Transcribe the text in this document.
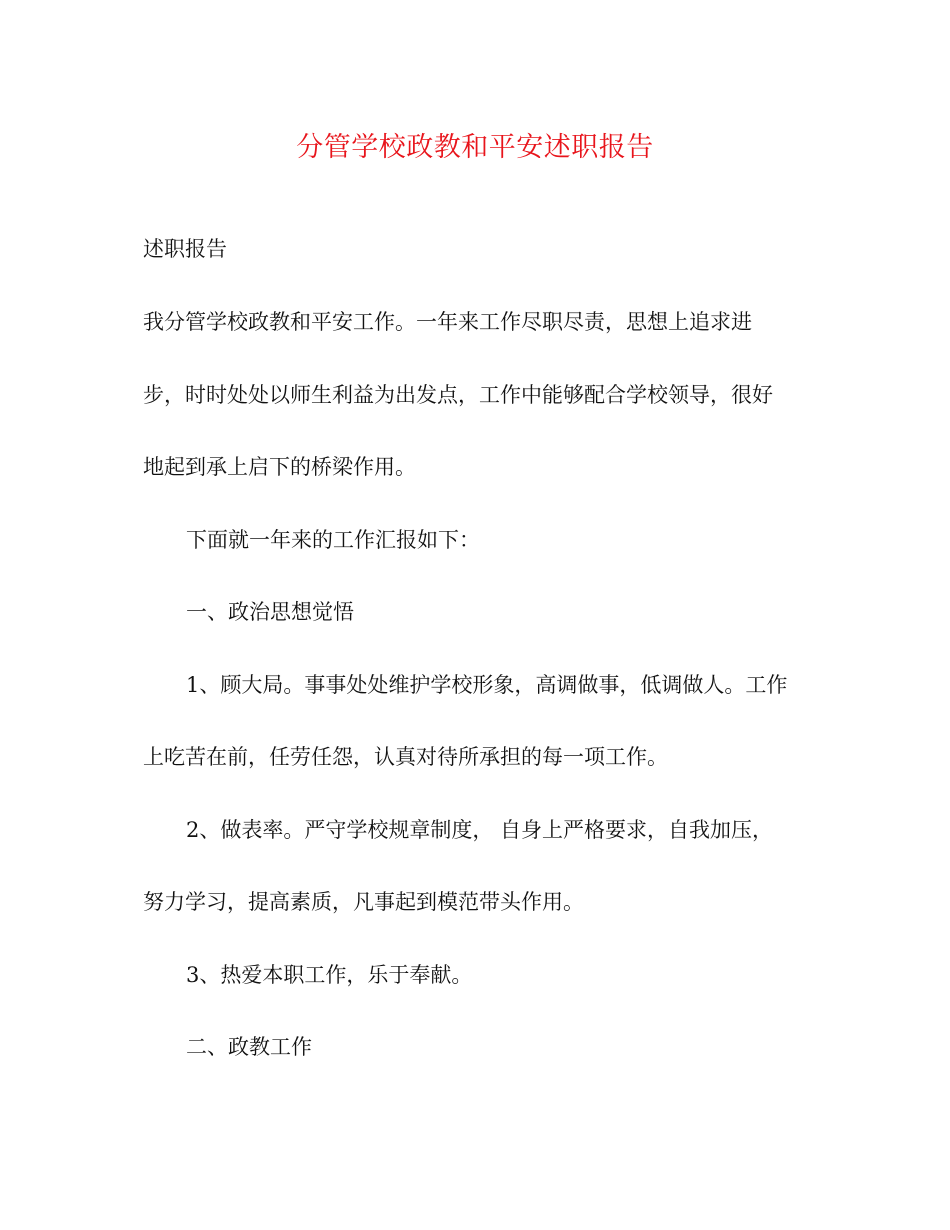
分管学校政教和平安述职报告
述职报告
我分管学校政教和平安工作。一年来工作尽职尽责，思想上追求进
步，时时处处以师生利益为出发点，工作中能够配合学校领导，很好
地起到承上启下的桥梁作用。
下面就一年来的工作汇报如下：
一、政治思想觉悟
1、顾大局。事事处处维护学校形象，高调做事，低调做人。工作
上吃苦在前，任劳任怨，认真对待所承担的每一项工作。
2、做表率。严守学校规章制度， 自身上严格要求，自我加压，
努力学习，提高素质，凡事起到模范带头作用。
3、热爱本职工作，乐于奉献。
二、政教工作
